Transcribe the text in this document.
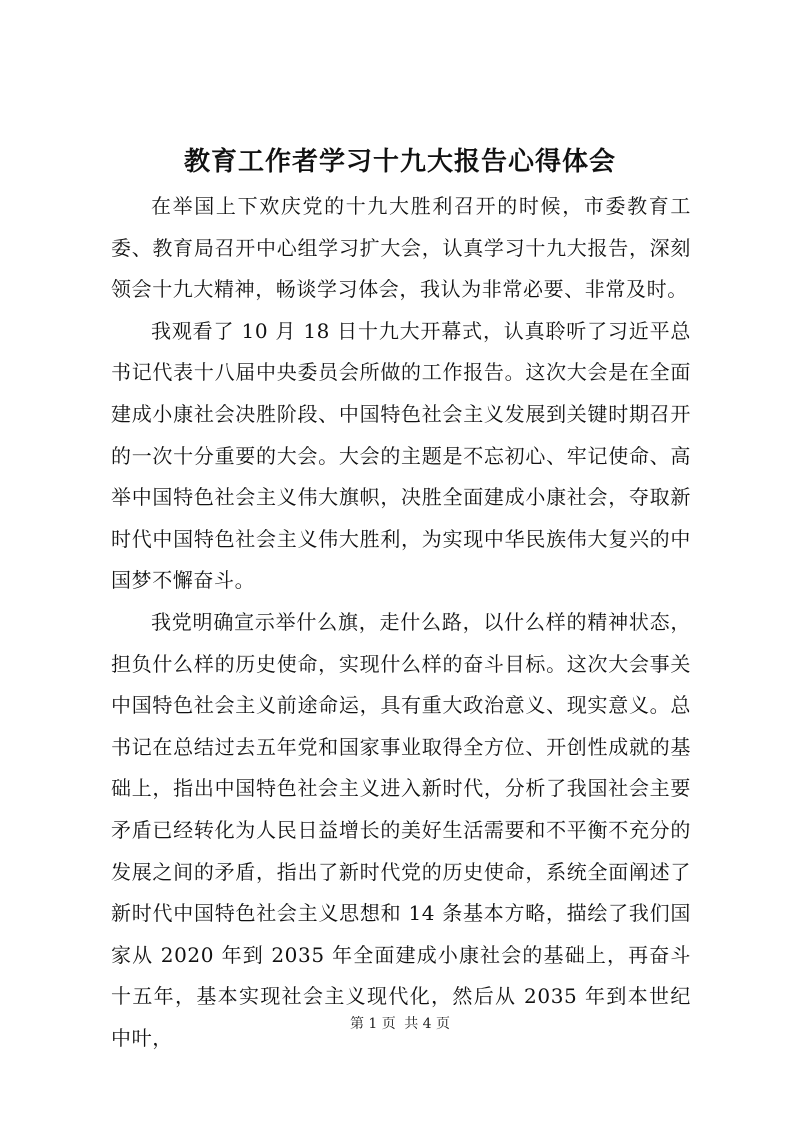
教育工作者学习十九大报告心得体会

在举国上下欢庆党的十九大胜利召开的时候，市委教育工委、教育局召开中心组学习扩大会，认真学习十九大报告，深刻领会十九大精神，畅谈学习体会，我认为非常必要、非常及时。

我观看了 10 月 18 日十九大开幕式，认真聆听了习近平总书记代表十八届中央委员会所做的工作报告。这次大会是在全面建成小康社会决胜阶段、中国特色社会主义发展到关键时期召开的一次十分重要的大会。大会的主题是不忘初心、牢记使命、高举中国特色社会主义伟大旗帜，决胜全面建成小康社会，夺取新时代中国特色社会主义伟大胜利，为实现中华民族伟大复兴的中国梦不懈奋斗。

我党明确宣示举什么旗，走什么路，以什么样的精神状态，担负什么样的历史使命，实现什么样的奋斗目标。这次大会事关中国特色社会主义前途命运，具有重大政治意义、现实意义。总书记在总结过去五年党和国家事业取得全方位、开创性成就的基础上，指出中国特色社会主义进入新时代，分析了我国社会主要矛盾已经转化为人民日益增长的美好生活需要和不平衡不充分的发展之间的矛盾，指出了新时代党的历史使命，系统全面阐述了新时代中国特色社会主义思想和 14 条基本方略，描绘了我们国家从 2020 年到 2035 年全面建成小康社会的基础上，再奋斗十五年，基本实现社会主义现代化，然后从 2035 年到本世纪中叶，

第 1 页 共 4 页
